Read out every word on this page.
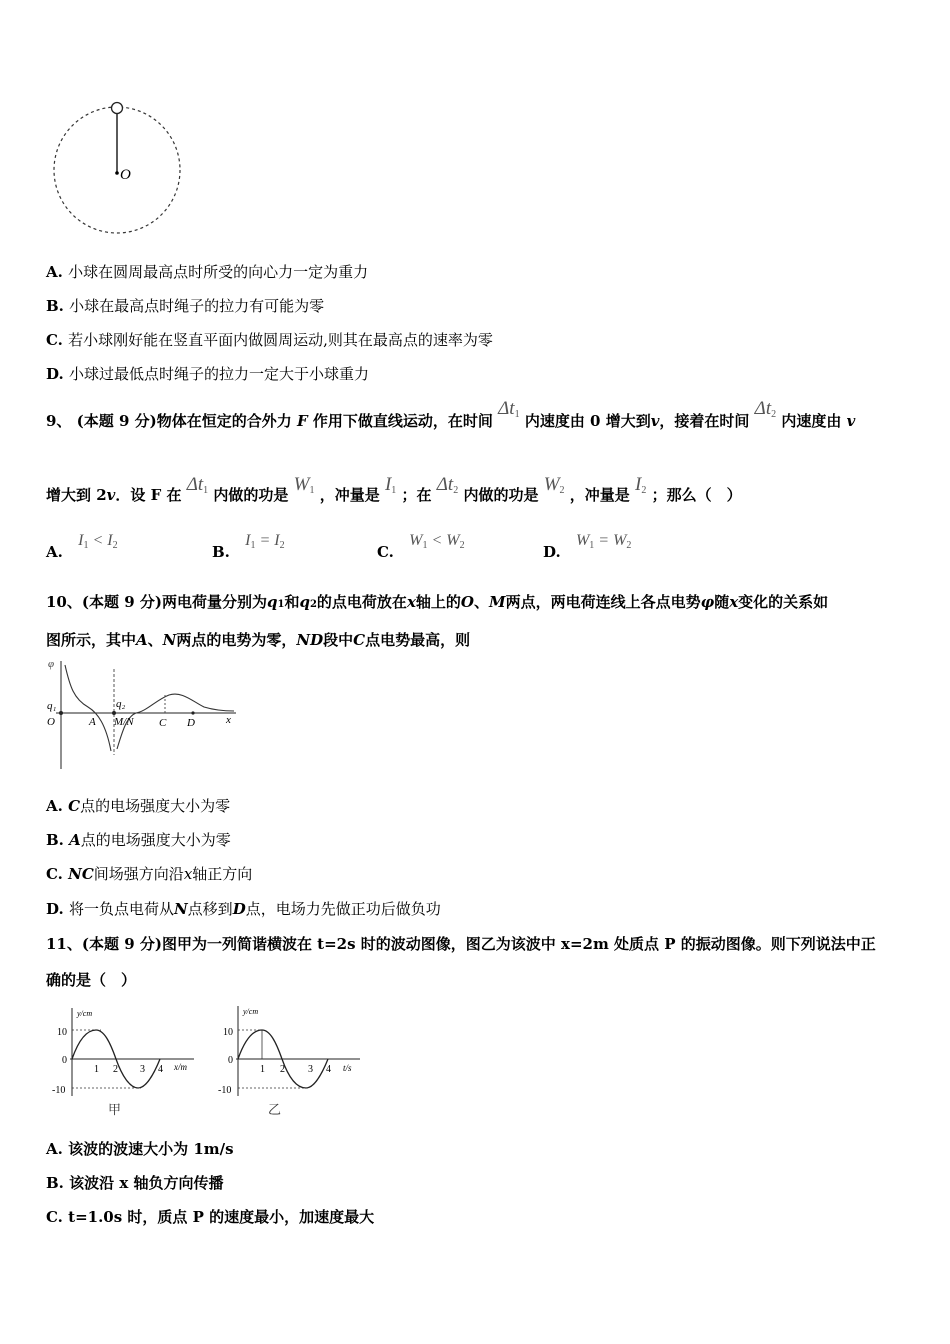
O
A. 小球在圆周最高点时所受的向心力一定为重力
B. 小球在最高点时绳子的拉力有可能为零
C. 若小球刚好能在竖直平面内做圆周运动,则其在最高点的速率为零
D. 小球过最低点时绳子的拉力一定大于小球重力
9、 (本题 9 分)物体在恒定的合外力 F 作用下做直线运动，在时间 $\Delta t_1$ 内速度由 0 增大到v，接着在时间 $\Delta t_2$ 内速度由 v
增大到 2v．设 F 在 $\Delta t_1$ 内做的功是 $W_1$ ，冲量是 $I_1$ ；在 $\Delta t_2$ 内做的功是 $W_2$ ，冲量是 $I_2$ ；那么（　）
A. $I_1 < I_2$	B. $I_1 = I_2$	C. $W_1 < W_2$	D. $W_1 = W_2$
10、(本题 9 分)两电荷量分别为q1和q2的点电荷放在x轴上的O、M两点，两电荷连线上各点电势φ随x变化的关系如
图所示，其中A、N两点的电势为零，ND段中C点电势最高，则
φ
q₁	q₂
O	A M/N C D	x
A. C点的电场强度大小为零
B. A点的电场强度大小为零
C. NC间场强方向沿x轴正方向
D. 将一负点电荷从N点移到D点，电场力先做正功后做负功
11、(本题 9 分)图甲为一列简谐横波在 t=2s 时的波动图像，图乙为该波中 x=2m 处质点 P 的振动图像。则下列说法中正
确的是（　）
y/cm
x/m
10
0
-10
1 2 3 4
甲
y/cm
t/s
10
0
-10
1 2 3 4
乙
A. 该波的波速大小为 1m/s
B. 该波沿 x 轴负方向传播
C. t=1.0s 时，质点 P 的速度最小，加速度最大
